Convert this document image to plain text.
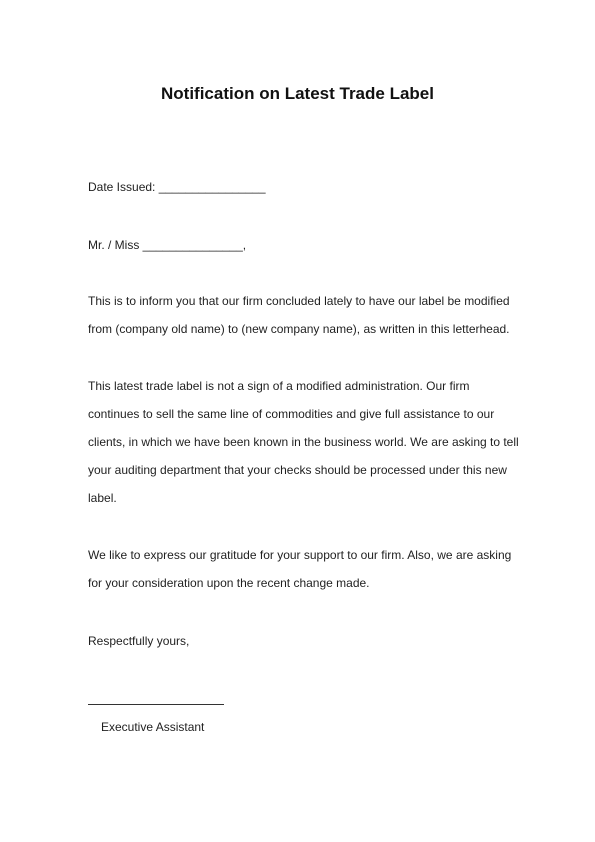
Notification on Latest Trade Label
Date Issued: ________________
Mr. / Miss _______________,
This is to inform you that our firm concluded lately to have our label be modified
from (company old name) to (new company name), as written in this letterhead.
This latest trade label is not a sign of a modified administration. Our firm
continues to sell the same line of commodities and give full assistance to our
clients, in which we have been known in the business world. We are asking to tell
your auditing department that your checks should be processed under this new
label.
We like to express our gratitude for your support to our firm. Also, we are asking
for your consideration upon the recent change made.
Respectfully yours,
Executive Assistant
